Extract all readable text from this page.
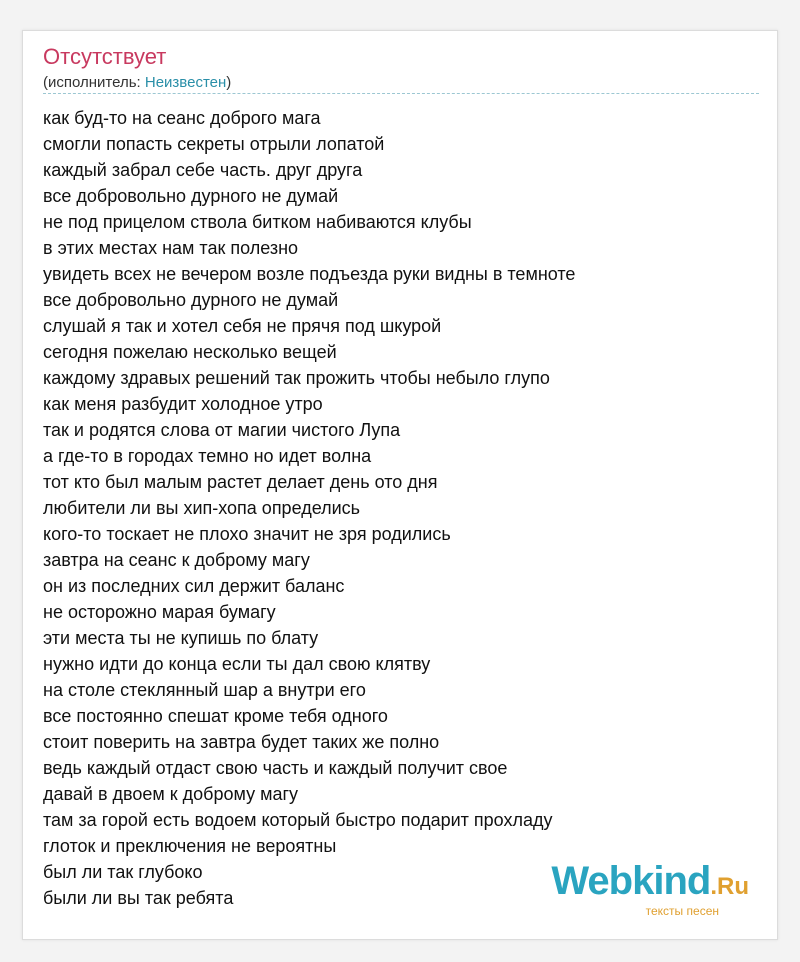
Отсутствует
(исполнитель: Неизвестен)
как буд-то на сеанс доброго мага
смогли попасть секреты отрыли лопатой
каждый забрал себе часть. друг друга
все добровольно дурного не думай
не под прицелом ствола битком набиваются клубы
в этих местах нам так полезно
увидеть всех не вечером возле подъезда руки видны в темноте
все добровольно дурного не думай
слушай я так и хотел себя не прячя под шкурой
сегодня пожелаю несколько вещей
каждому здравых решений так прожить чтобы небыло глупо
как меня разбудит холодное утро
так и родятся слова от магии чистого Лупа
а где-то в городах темно но идет волна
тот кто был малым растет делает день ото дня
любители ли вы хип-хопа определись
кого-то тоскает не плохо значит не зря родились
завтра на сеанс к доброму магу
он из последних сил держит баланс
не осторожно марая бумагу
эти места ты не купишь по блату
нужно идти до конца если ты дал свою клятву
на столе стеклянный шар а внутри его
все постоянно спешат кроме тебя одного
стоит поверить на завтра будет таких же полно
ведь каждый отдаст свою часть и каждый получит свое
давай в двоем к доброму магу
там за горой есть водоем который быстро подарит прохладу
глоток и преключения не вероятны
был ли так глубоко
были ли вы так ребята	Webkind.Ru
тексты песен
